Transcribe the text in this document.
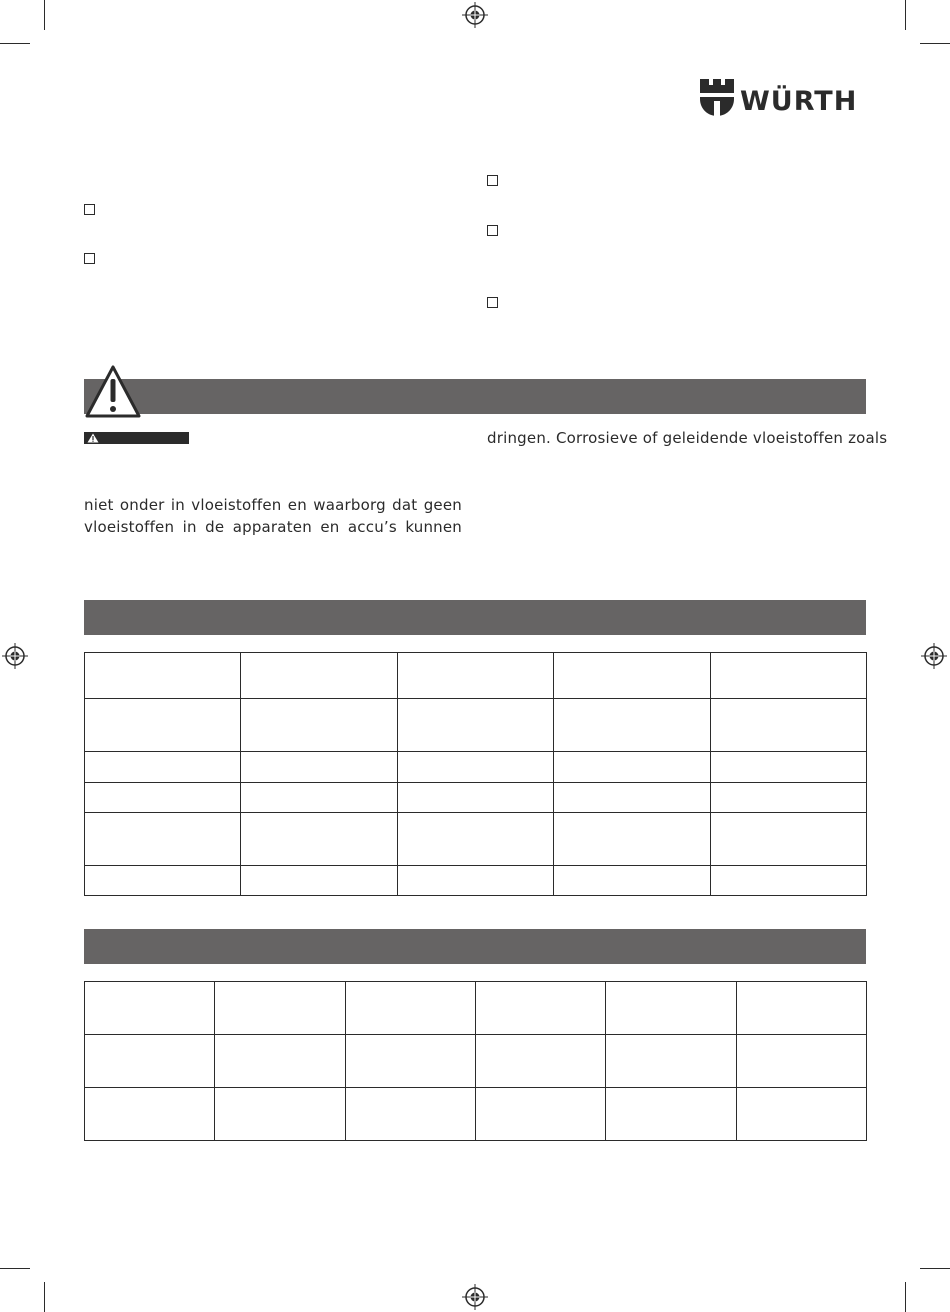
WÜRTH
dringen. Corrosieve of geleidende vloeistoffen zoals
niet onder in vloeistoffen en waarborg dat geen
vloeistoffen in de apparaten en accu’s kunnen
